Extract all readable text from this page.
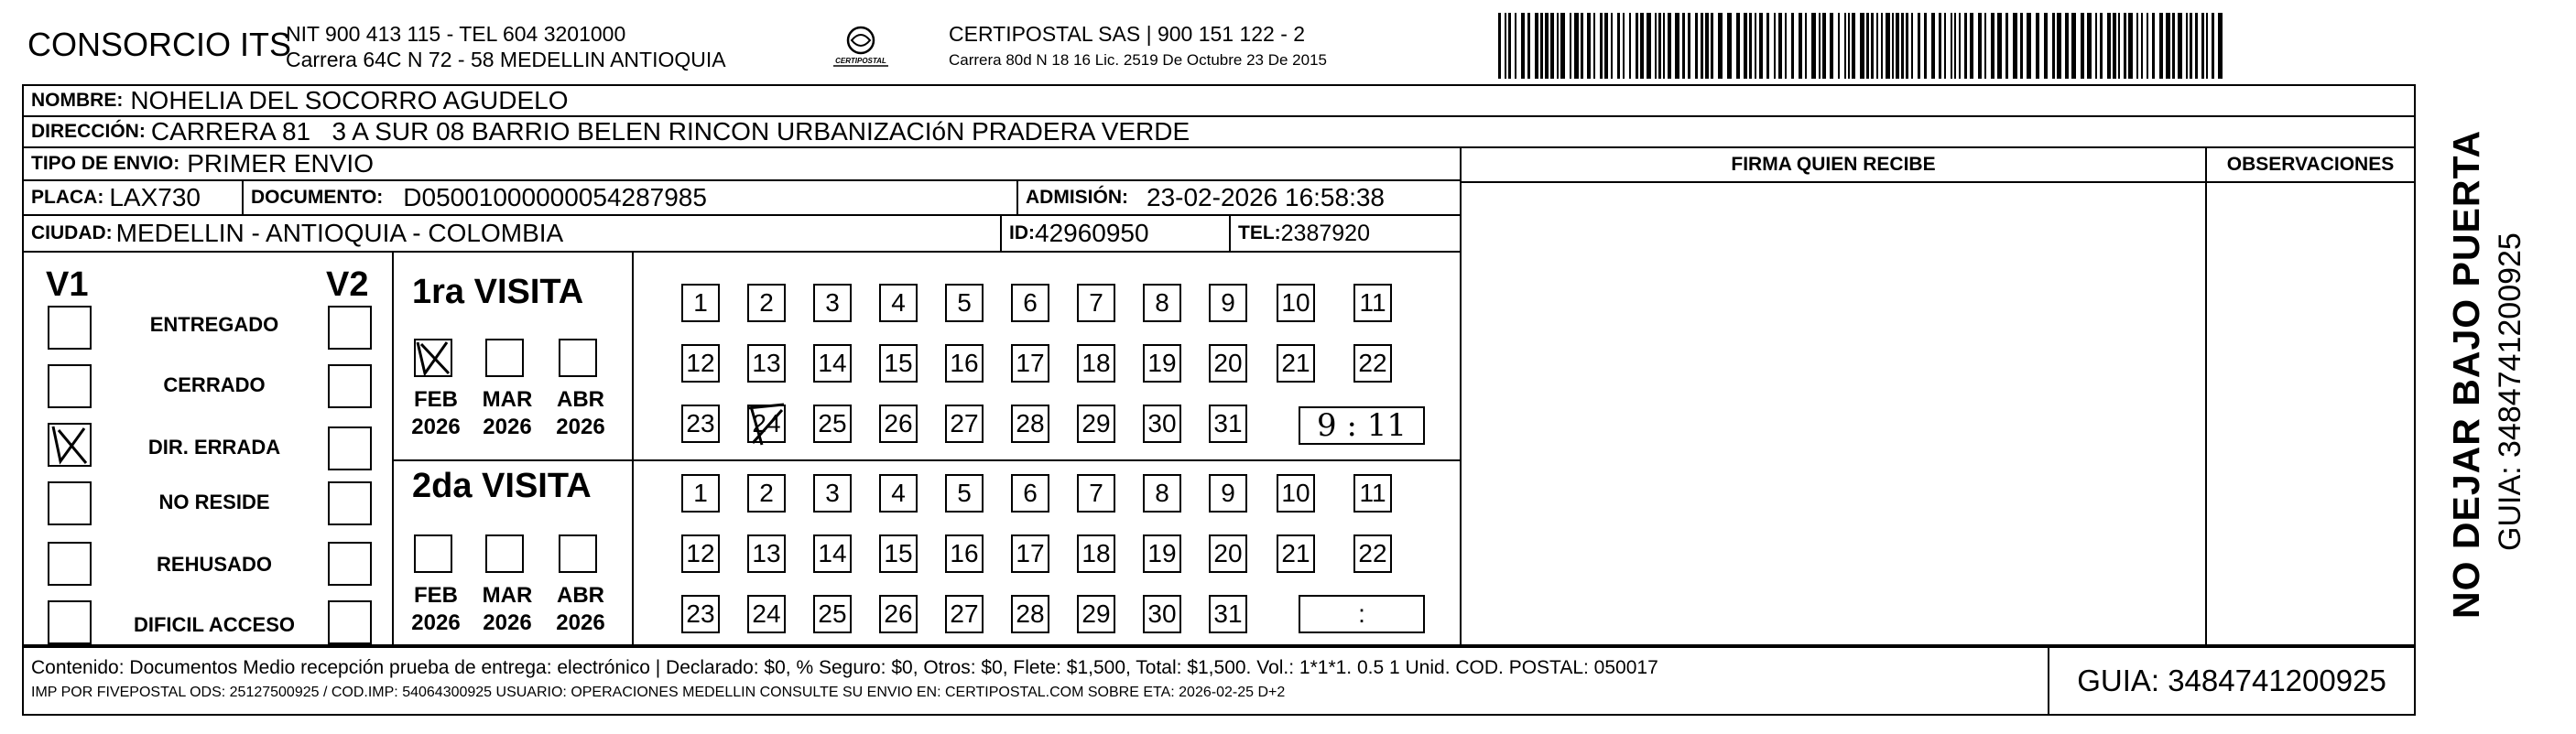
CONSORCIO ITS
NIT 900 413 115 - TEL 604 3201000
Carrera 64C N 72 - 58 MEDELLIN ANTIOQUIA	CERTIPOSTAL
CERTIPOSTAL SAS | 900 151 122 - 2
Carrera 80d N 18 16 Lic. 2519 De Octubre 23 De 2015
NOMBRE: NOHELIA DEL SOCORRO AGUDELO
DIRECCIÓN: CARRERA 81   3 A SUR 08 BARRIO BELEN RINCON URBANIZACIóN PRADERA VERDE
TIPO DE ENVIO: PRIMER ENVIO
PLACA: LAX730	DOCUMENTO: D05001000000054287985	ADMISIÓN: 23-02-2026 16:58:38
CIUDAD: MEDELLIN - ANTIOQUIA - COLOMBIA	ID: 42960950	TEL: 2387920
FIRMA QUIEN RECIBE	OBSERVACIONES
V1	V2
ENTREGADO
CERRADO
DIR. ERRADA
NO RESIDE
REHUSADO
DIFICIL ACCESO
1ra VISITA
FEB
2026
MAR
2026
ABR
2026
2da VISITA
FEB
2026
MAR
2026
ABR
2026
1 2 3 4 5 6 7 8 9 10 11
12 13 14 15 16 17 18 19 20 21 22
23 24 25 26 27 28 29 30 31
1 2 3 4 5 6 7 8 9 10 11
12 13 14 15 16 17 18 19 20 21 22
23 24 25 26 27 28 29 30 31
9 : 11
:
Contenido: Documentos Medio recepción prueba de entrega: electrónico | Declarado: $0, % Seguro: $0, Otros: $0, Flete: $1,500, Total: $1,500. Vol.: 1*1*1. 0.5 1 Unid. COD. POSTAL: 050017
IMP POR FIVEPOSTAL ODS: 25127500925 / COD.IMP: 54064300925 USUARIO: OPERACIONES MEDELLIN CONSULTE SU ENVIO EN: CERTIPOSTAL.COM SOBRE ETA: 2026-02-25 D+2	GUIA: 3484741200925
NO DEJAR BAJO PUERTA GUIA: 3484741200925
